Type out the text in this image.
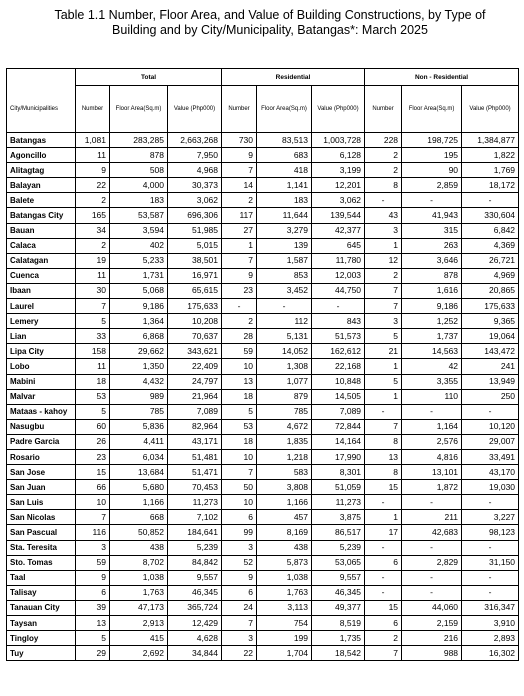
Table 1.1 Number, Floor Area, and Value of Building Constructions, by Type of
Building and by City/Municipality, Batangas*: March 2025
	Total			Residential			Non - Residential		
City/Municipalities	Number	Floor Area(Sq.m)	Value (Php000)	Number	Floor Area(Sq.m)	Value (Php000)	Number	Floor Area(Sq.m)	Value (Php000)
Batangas	1,081	283,285	2,663,268	730	83,513	1,003,728	228	198,725	1,384,877
Agoncillo	11	878	7,950	9	683	6,128	2	195	1,822
Alitagtag	9	508	4,968	7	418	3,199	2	90	1,769
Balayan	22	4,000	30,373	14	1,141	12,201	8	2,859	18,172
Balete	2	183	3,062	2	183	3,062	-	-	-
Batangas City	165	53,587	696,306	117	11,644	139,544	43	41,943	330,604
Bauan	34	3,594	51,985	27	3,279	42,377	3	315	6,842
Calaca	2	402	5,015	1	139	645	1	263	4,369
Calatagan	19	5,233	38,501	7	1,587	11,780	12	3,646	26,721
Cuenca	11	1,731	16,971	9	853	12,003	2	878	4,969
Ibaan	30	5,068	65,615	23	3,452	44,750	7	1,616	20,865
Laurel	7	9,186	175,633	-	-	-	7	9,186	175,633
Lemery	5	1,364	10,208	2	112	843	3	1,252	9,365
Lian	33	6,868	70,637	28	5,131	51,573	5	1,737	19,064
Lipa City	158	29,662	343,621	59	14,052	162,612	21	14,563	143,472
Lobo	11	1,350	22,409	10	1,308	22,168	1	42	241
Mabini	18	4,432	24,797	13	1,077	10,848	5	3,355	13,949
Malvar	53	989	21,964	18	879	14,505	1	110	250
Mataas - kahoy	5	785	7,089	5	785	7,089	-	-	-
Nasugbu	60	5,836	82,964	53	4,672	72,844	7	1,164	10,120
Padre Garcia	26	4,411	43,171	18	1,835	14,164	8	2,576	29,007
Rosario	23	6,034	51,481	10	1,218	17,990	13	4,816	33,491
San Jose	15	13,684	51,471	7	583	8,301	8	13,101	43,170
San Juan	66	5,680	70,453	50	3,808	51,059	15	1,872	19,030
San Luis	10	1,166	11,273	10	1,166	11,273	-	-	-
San Nicolas	7	668	7,102	6	457	3,875	1	211	3,227
San Pascual	116	50,852	184,641	99	8,169	86,517	17	42,683	98,123
Sta. Teresita	3	438	5,239	3	438	5,239	-	-	-
Sto. Tomas	59	8,702	84,842	52	5,873	53,065	6	2,829	31,150
Taal	9	1,038	9,557	9	1,038	9,557	-	-	-
Talisay	6	1,763	46,345	6	1,763	46,345	-	-	-
Tanauan City	39	47,173	365,724	24	3,113	49,377	15	44,060	316,347
Taysan	13	2,913	12,429	7	754	8,519	6	2,159	3,910
Tingloy	5	415	4,628	3	199	1,735	2	216	2,893
Tuy	29	2,692	34,844	22	1,704	18,542	7	988	16,302
